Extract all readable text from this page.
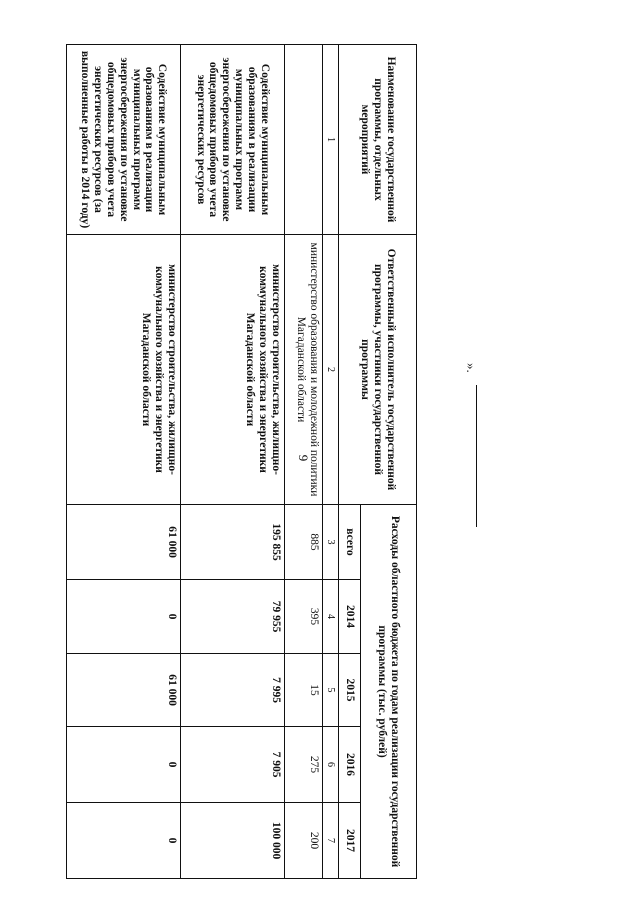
9
Наименование государственной программы, отдельных мероприятий	Ответственный исполнитель государственной программы, участники государственной программы	Расходы областного бюджета по годам реализации государственной программы (тыс. рублей)				
		всего	2014	2015	2016	2017
1	2	3	4	5	6	7
	министерство образования и молодежной политики Магаданской области	885	395	15	275	200
Содействие муниципальным образованиям в реализации муниципальных программ энергосбережения по установке общедомовых приборов учета энергетических ресурсов	министерство строительства, жилищно-коммунального хозяйства и энергетики Магаданской области	195 855	79 955	7 995	7 905	100 000
Содействие муниципальным образованиям в реализации муниципальных программ энергосбережения по установке общедомовых приборов учета энергетических ресурсов (за выполненные работы в 2014 году)	министерство строительства, жилищно-коммунального хозяйства и энергетики Магаданской области	61 000	0	61 000	0	0
».
